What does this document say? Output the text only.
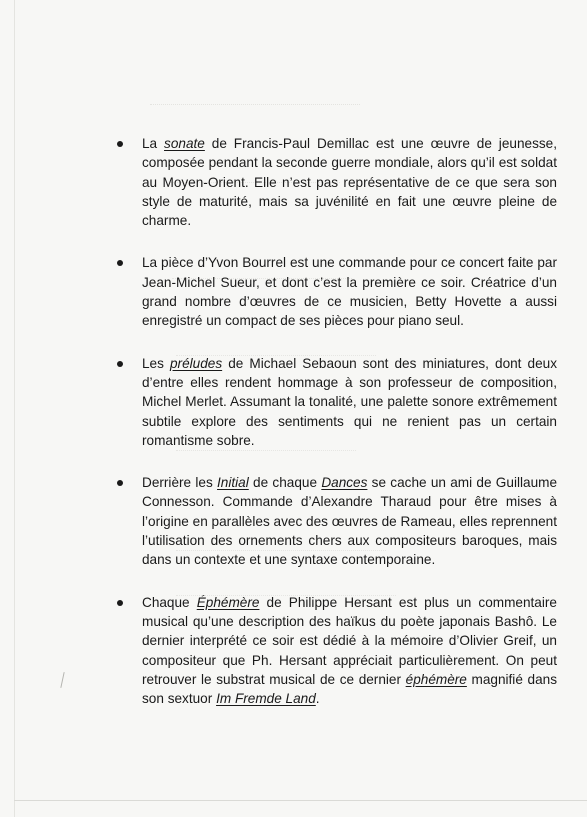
La sonate de Francis-Paul Demillac est une œuvre de jeunesse, composée pendant la seconde guerre mondiale, alors qu’il est soldat au Moyen-Orient. Elle n’est pas représentative de ce que sera son style de maturité, mais sa juvénilité en fait une œuvre pleine de charme.
La pièce d’Yvon Bourrel est une commande pour ce concert faite par Jean-Michel Sueur, et dont c’est la première ce soir. Créatrice d’un grand nombre d’œuvres de ce musicien, Betty Hovette a aussi enregistré un compact de ses pièces pour piano seul.
Les préludes de Michael Sebaoun sont des miniatures, dont deux d’entre elles rendent hommage à son professeur de composition, Michel Merlet. Assumant la tonalité, une palette sonore extrêmement subtile explore des sentiments qui ne renient pas un certain romantisme sobre.
Derrière les Initial de chaque Dances se cache un ami de Guillaume Connesson. Commande d’Alexandre Tharaud pour être mises à l’origine en parallèles avec des œuvres de Rameau, elles reprennent l’utilisation des ornements chers aux compositeurs baroques, mais dans un contexte et une syntaxe contemporaine.
Chaque Éphémère de Philippe Hersant est plus un commentaire musical qu’une description des haïkus du poète japonais Bashô. Le dernier interprété ce soir est dédié à la mémoire d’Olivier Greif, un compositeur que Ph. Hersant appréciait particulièrement. On peut retrouver le substrat musical de ce dernier éphémère magnifié dans son sextuor Im Fremde Land.
